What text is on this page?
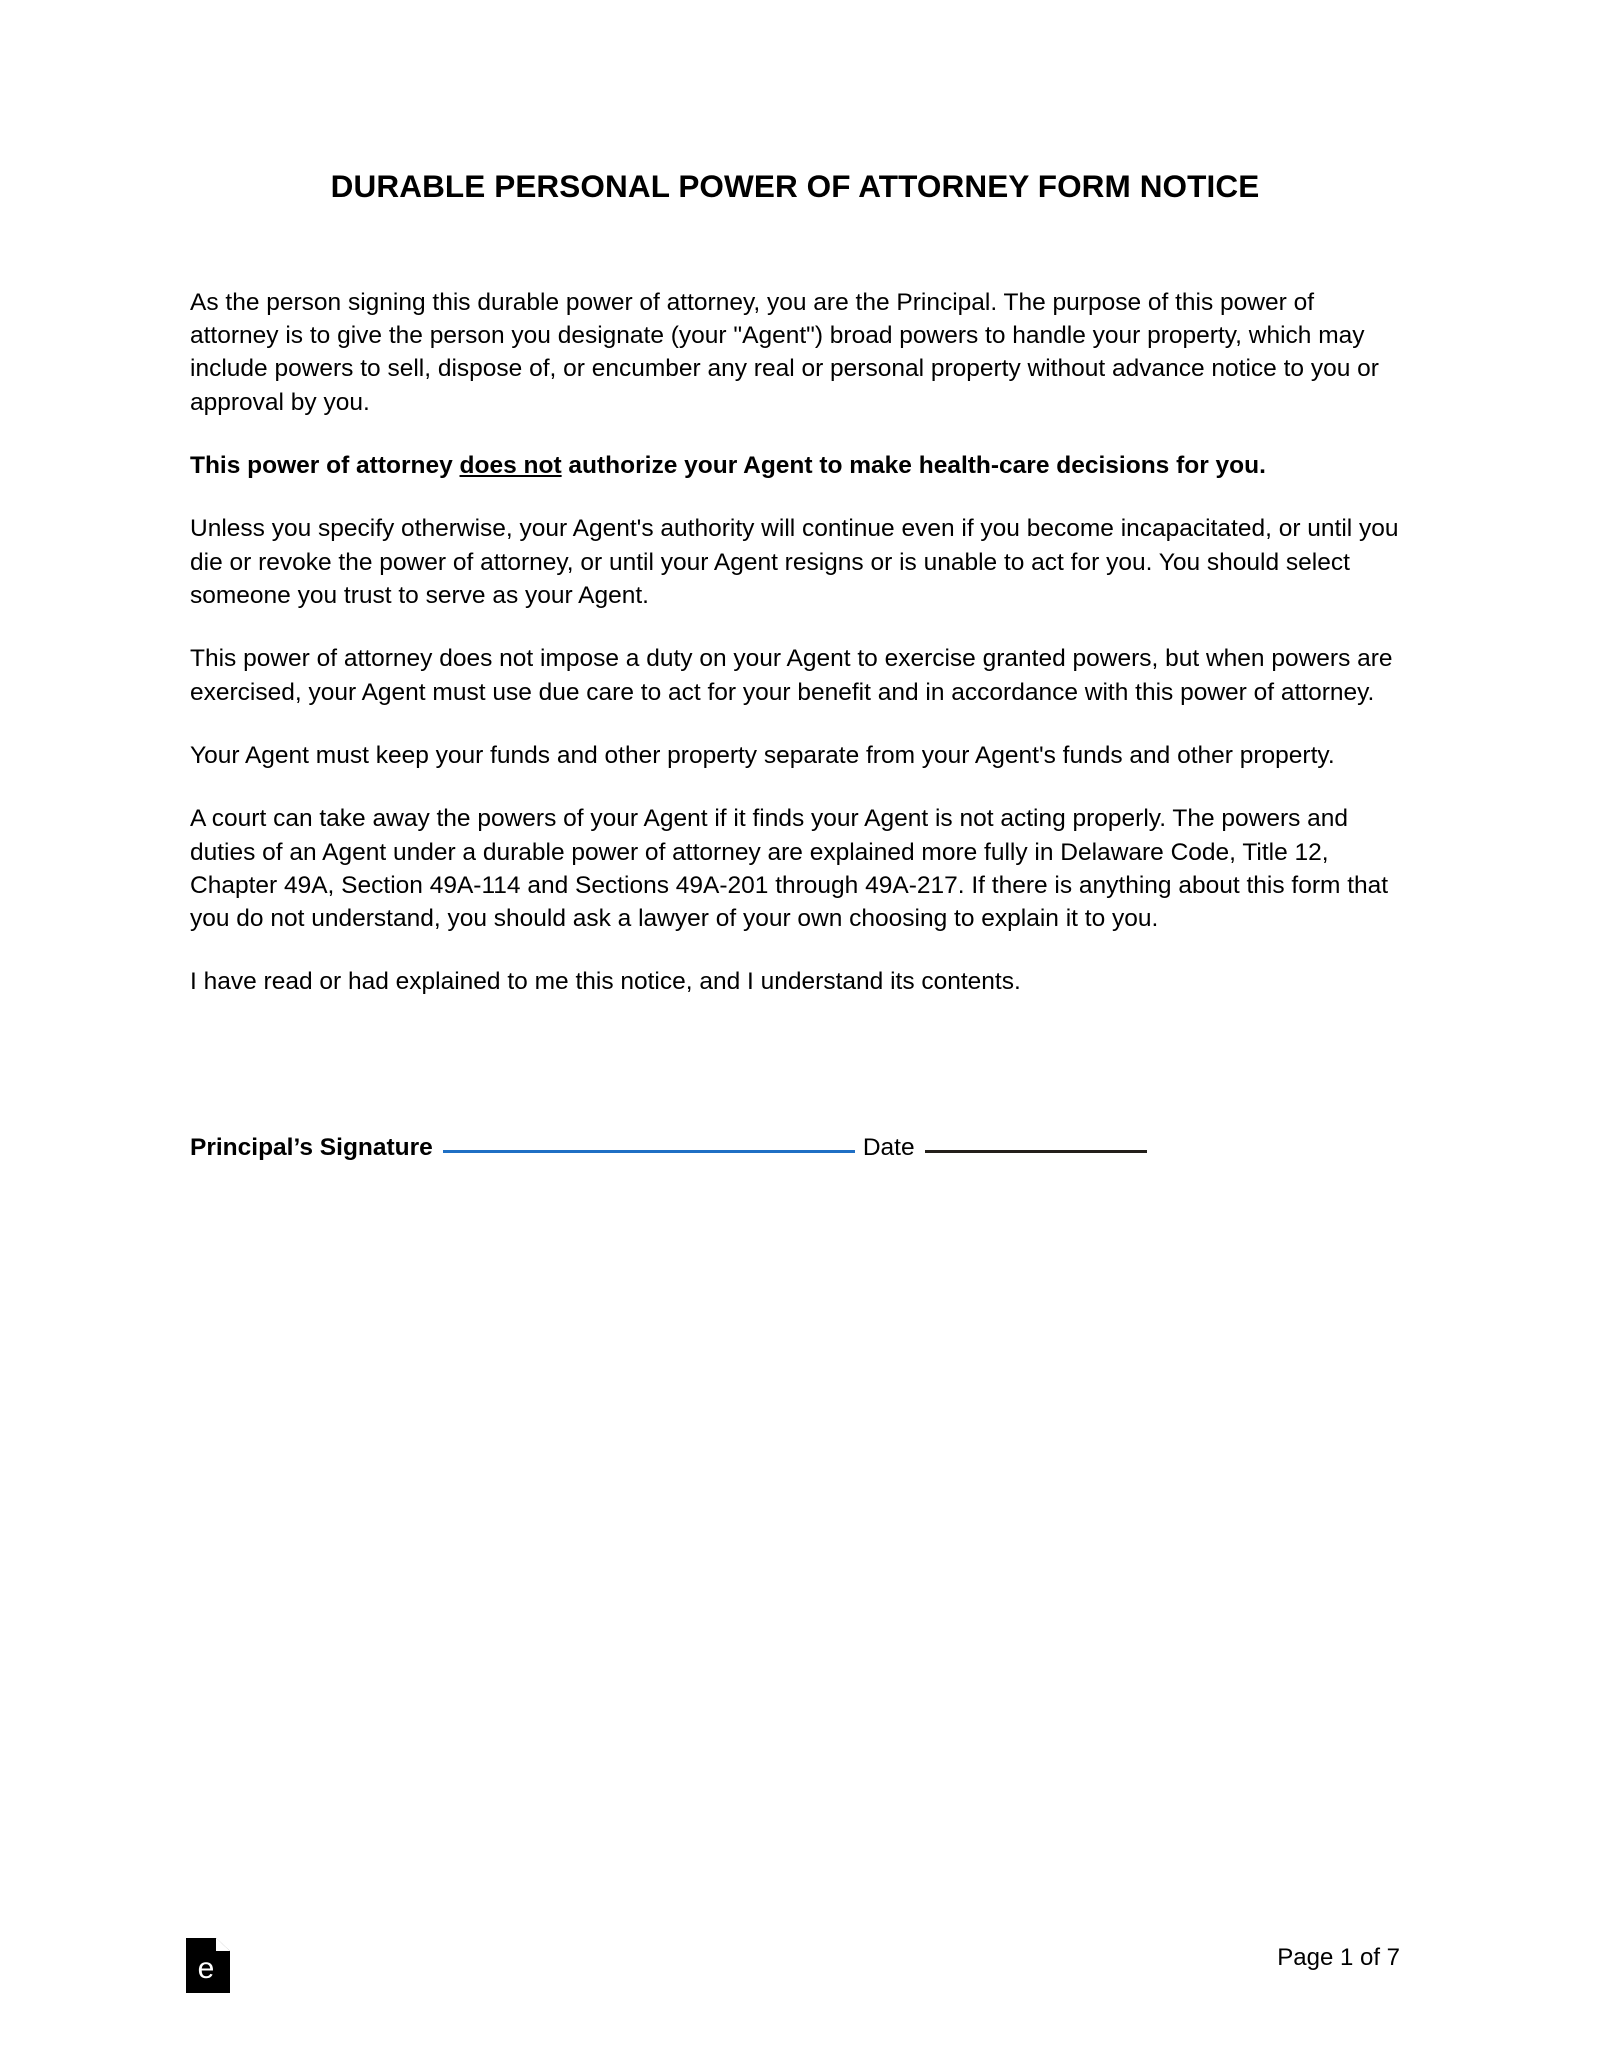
DURABLE PERSONAL POWER OF ATTORNEY FORM NOTICE

As the person signing this durable power of attorney, you are the Principal. The purpose of this power of attorney is to give the person you designate (your "Agent") broad powers to handle your property, which may include powers to sell, dispose of, or encumber any real or personal property without advance notice to you or approval by you.

This power of attorney does not authorize your Agent to make health-care decisions for you.

Unless you specify otherwise, your Agent's authority will continue even if you become incapacitated, or until you die or revoke the power of attorney, or until your Agent resigns or is unable to act for you. You should select someone you trust to serve as your Agent.

This power of attorney does not impose a duty on your Agent to exercise granted powers, but when powers are exercised, your Agent must use due care to act for your benefit and in accordance with this power of attorney.

Your Agent must keep your funds and other property separate from your Agent's funds and other property.

A court can take away the powers of your Agent if it finds your Agent is not acting properly. The powers and duties of an Agent under a durable power of attorney are explained more fully in Delaware Code, Title 12, Chapter 49A, Section 49A-114 and Sections 49A-201 through 49A-217. If there is anything about this form that you do not understand, you should ask a lawyer of your own choosing to explain it to you.

I have read or had explained to me this notice, and I understand its contents.

Principal’s Signature	Date
e	Page 1 of 7
